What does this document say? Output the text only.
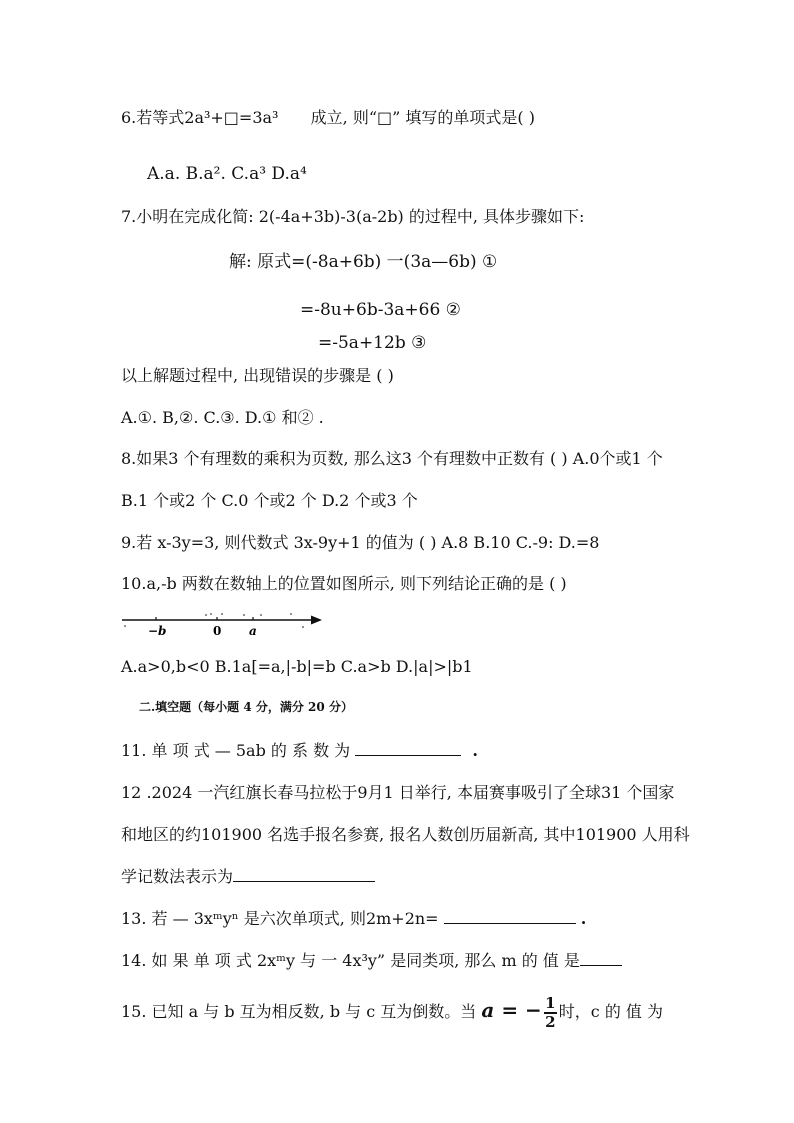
6.若等式2a³+□=3a³ 成立, 则“□” 填写的单项式是( )
A.a. B.a². C.a³ D.a⁴
7.小明在完成化简: 2(-4a+3b)-3(a-2b) 的过程中, 具体步骤如下:
解: 原式=(-8a+6b) 一(3a—6b) ①
=-8u+6b-3a+66 ②
=-5a+12b ③
以上解题过程中, 出现错误的步骤是 ( )
A.①. B,②. C.③. D.① 和② .
8.如果3 个有理数的乘积为页数, 那么这3 个有理数中正数有 ( ) A.0个或1 个
B.1 个或2 个 C.0 个或2 个 D.2 个或3 个
9.若 x-3y=3, 则代数式 3x-9y+1 的值为 ( ) A.8 B.10 C.-9: D.=8
10.a,-b 两数在数轴上的位置如图所示, 则下列结论正确的是 ( )
−b	0 a
A.a>0,b<0 B.1a[=a,|-b|=b C.a>b D.|a|>|b1
二.填空题（每小题 4 分，满分 20 分）
11. 单 项 式 — 5ab 的 系 数 为	.
12 .2024 一汽红旗长春马拉松于9月1 日举行, 本届赛事吸引了全球31 个国家
和地区的约101900 名选手报名参赛, 报名人数创历届新高, 其中101900 人用科
学记数法表示为
13. 若 — 3xᵐyⁿ 是六次单项式, 则2m+2n=	.
14. 如 果 单 项 式 2xᵐy 与 一 4x³y” 是同类项, 那么 m 的 值 是
15. 已知 a 与 b 互为相反数, b 与 c 互为倒数。当 a = − $\frac{1}{2}$ 时，c 的 值 为
